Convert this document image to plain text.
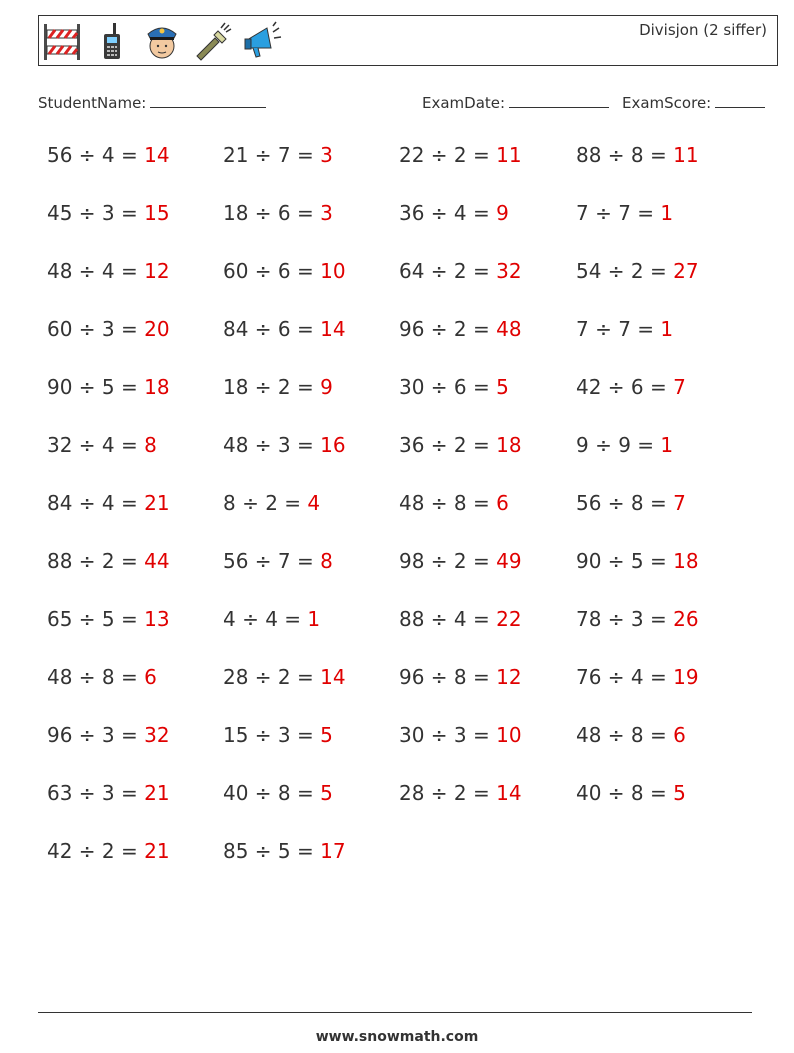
Divisjon (2 siffer)
StudentName:	ExamDate:	ExamScore:
56 ÷ 4 = 14
45 ÷ 3 = 15
48 ÷ 4 = 12
60 ÷ 3 = 20
90 ÷ 5 = 18
32 ÷ 4 = 8
84 ÷ 4 = 21
88 ÷ 2 = 44
65 ÷ 5 = 13
48 ÷ 8 = 6
96 ÷ 3 = 32
63 ÷ 3 = 21
42 ÷ 2 = 21
21 ÷ 7 = 3
18 ÷ 6 = 3
60 ÷ 6 = 10
84 ÷ 6 = 14
18 ÷ 2 = 9
48 ÷ 3 = 16
8 ÷ 2 = 4
56 ÷ 7 = 8
4 ÷ 4 = 1
28 ÷ 2 = 14
15 ÷ 3 = 5
40 ÷ 8 = 5
85 ÷ 5 = 17
22 ÷ 2 = 11
36 ÷ 4 = 9
64 ÷ 2 = 32
96 ÷ 2 = 48
30 ÷ 6 = 5
36 ÷ 2 = 18
48 ÷ 8 = 6
98 ÷ 2 = 49
88 ÷ 4 = 22
96 ÷ 8 = 12
30 ÷ 3 = 10
28 ÷ 2 = 14
88 ÷ 8 = 11
7 ÷ 7 = 1
54 ÷ 2 = 27
7 ÷ 7 = 1
42 ÷ 6 = 7
9 ÷ 9 = 1
56 ÷ 8 = 7
90 ÷ 5 = 18
78 ÷ 3 = 26
76 ÷ 4 = 19
48 ÷ 8 = 6
40 ÷ 8 = 5
www.snowmath.com
